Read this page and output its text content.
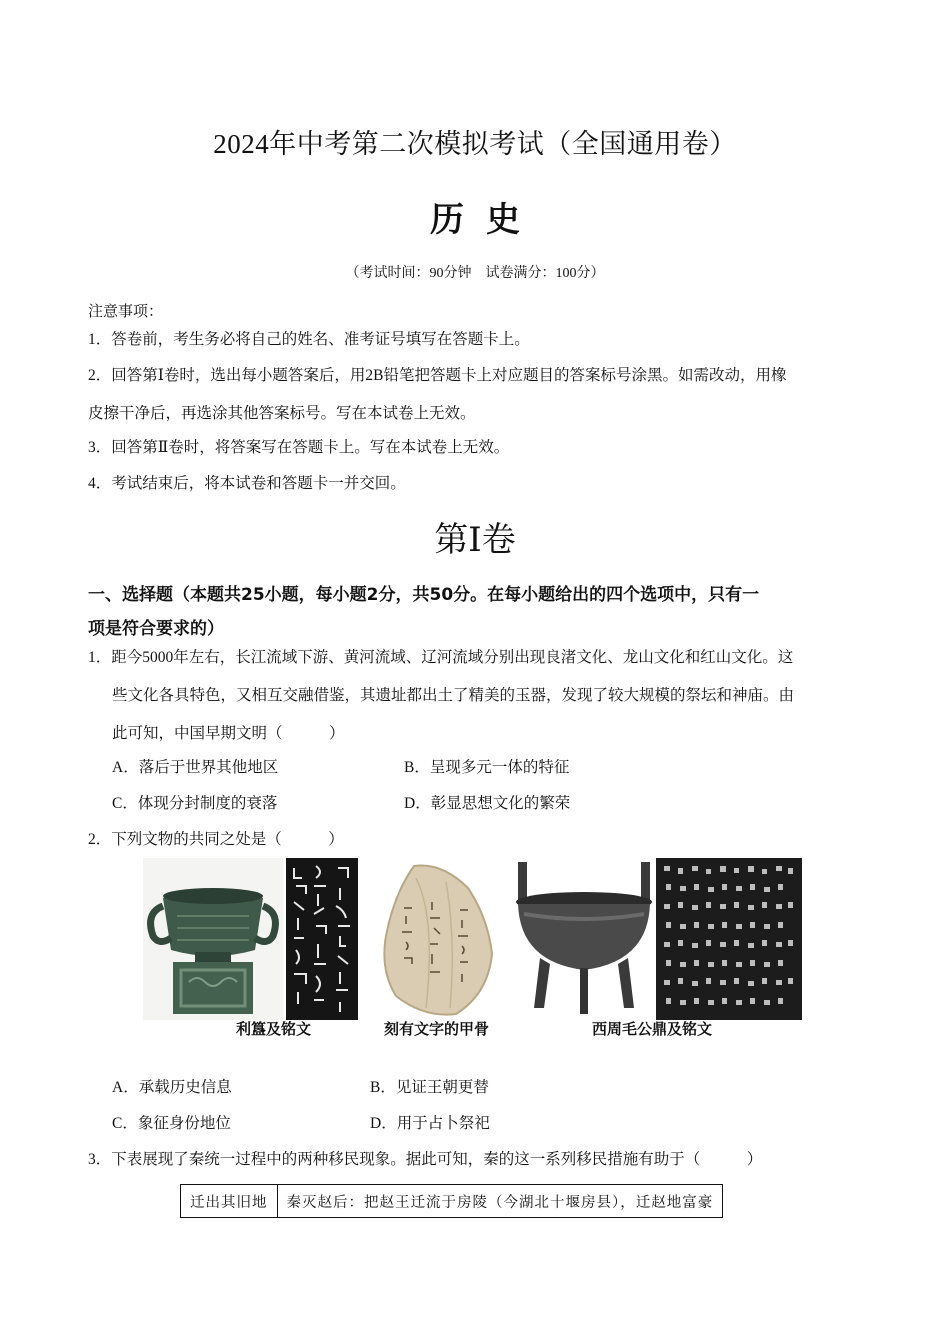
2024年中考第二次模拟考试（全国通用卷）
历史
（考试时间：90分钟　试卷满分：100分）
注意事项：
1．答卷前，考生务必将自己的姓名、准考证号填写在答题卡上。
2．回答第Ⅰ卷时，选出每小题答案后，用2B铅笔把答题卡上对应题目的答案标号涂黑。如需改动，用橡
皮擦干净后，再选涂其他答案标号。写在本试卷上无效。
3．回答第Ⅱ卷时，将答案写在答题卡上。写在本试卷上无效。
4．考试结束后，将本试卷和答题卡一并交回。
第Ⅰ卷
一、选择题（本题共25小题，每小题2分，共50分。在每小题给出的四个选项中，只有一
项是符合要求的）
1．距今5000年左右，长江流域下游、黄河流域、辽河流域分别出现良渚文化、龙山文化和红山文化。这
些文化各具特色，又相互交融借鉴，其遗址都出土了精美的玉器，发现了较大规模的祭坛和神庙。由
此可知，中国早期文明（　　　）
A．落后于世界其他地区	B．呈现多元一体的特征
C．体现分封制度的衰落	D．彰显思想文化的繁荣
2．下列文物的共同之处是（　　　）
利簋及铭文	刻有文字的甲骨	西周毛公鼎及铭文
A．承载历史信息	B．见证王朝更替
C．象征身份地位	D．用于占卜祭祀
3．下表展现了秦统一过程中的两种移民现象。据此可知，秦的这一系列移民措施有助于（　　　）
迁出其旧地	秦灭赵后：把赵王迁流于房陵（今湖北十堰房县），迁赵地富豪
